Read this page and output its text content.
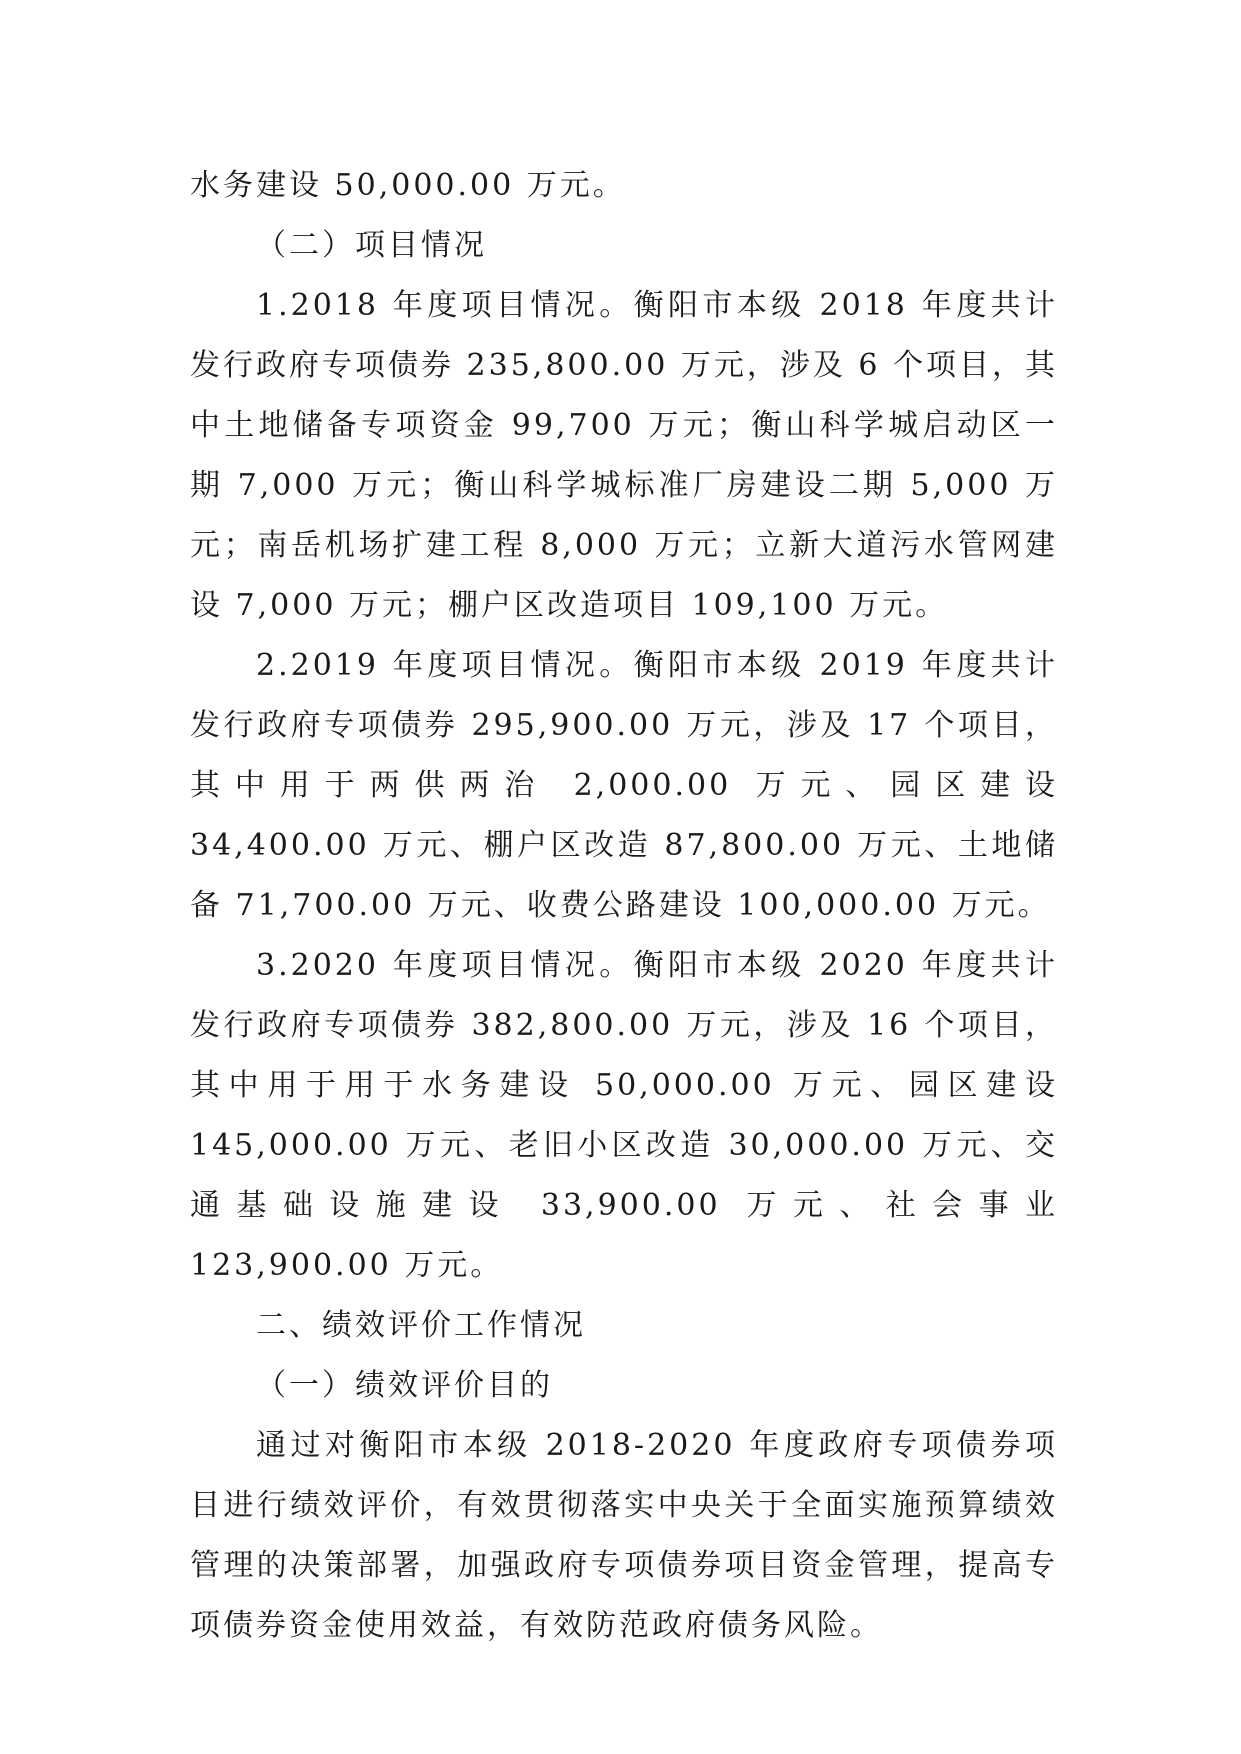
水务建设 50,000.00 万元。

（二）项目情况

1.2018 年度项目情况。衡阳市本级 2018 年度共计发行政府专项债券 235,800.00 万元，涉及 6 个项目，其中土地储备专项资金 99,700 万元；衡山科学城启动区一期 7,000 万元；衡山科学城标准厂房建设二期 5,000 万元；南岳机场扩建工程 8,000 万元；立新大道污水管网建设 7,000 万元；棚户区改造项目 109,100 万元。

2.2019 年度项目情况。衡阳市本级 2019 年度共计发行政府专项债券 295,900.00 万元，涉及 17 个项目，其中用于两供两治 2,000.00 万元、园区建设 34,400.00 万元、棚户区改造 87,800.00 万元、土地储备 71,700.00 万元、收费公路建设 100,000.00 万元。

3.2020 年度项目情况。衡阳市本级 2020 年度共计发行政府专项债券 382,800.00 万元，涉及 16 个项目，其中用于用于水务建设 50,000.00 万元、园区建设 145,000.00 万元、老旧小区改造 30,000.00 万元、交通基础设施建设 33,900.00 万元、社会事业 123,900.00 万元。

二、绩效评价工作情况

（一）绩效评价目的

通过对衡阳市本级 2018-2020 年度政府专项债券项目进行绩效评价，有效贯彻落实中央关于全面实施预算绩效管理的决策部署，加强政府专项债券项目资金管理，提高专项债券资金使用效益，有效防范政府债务风险。
